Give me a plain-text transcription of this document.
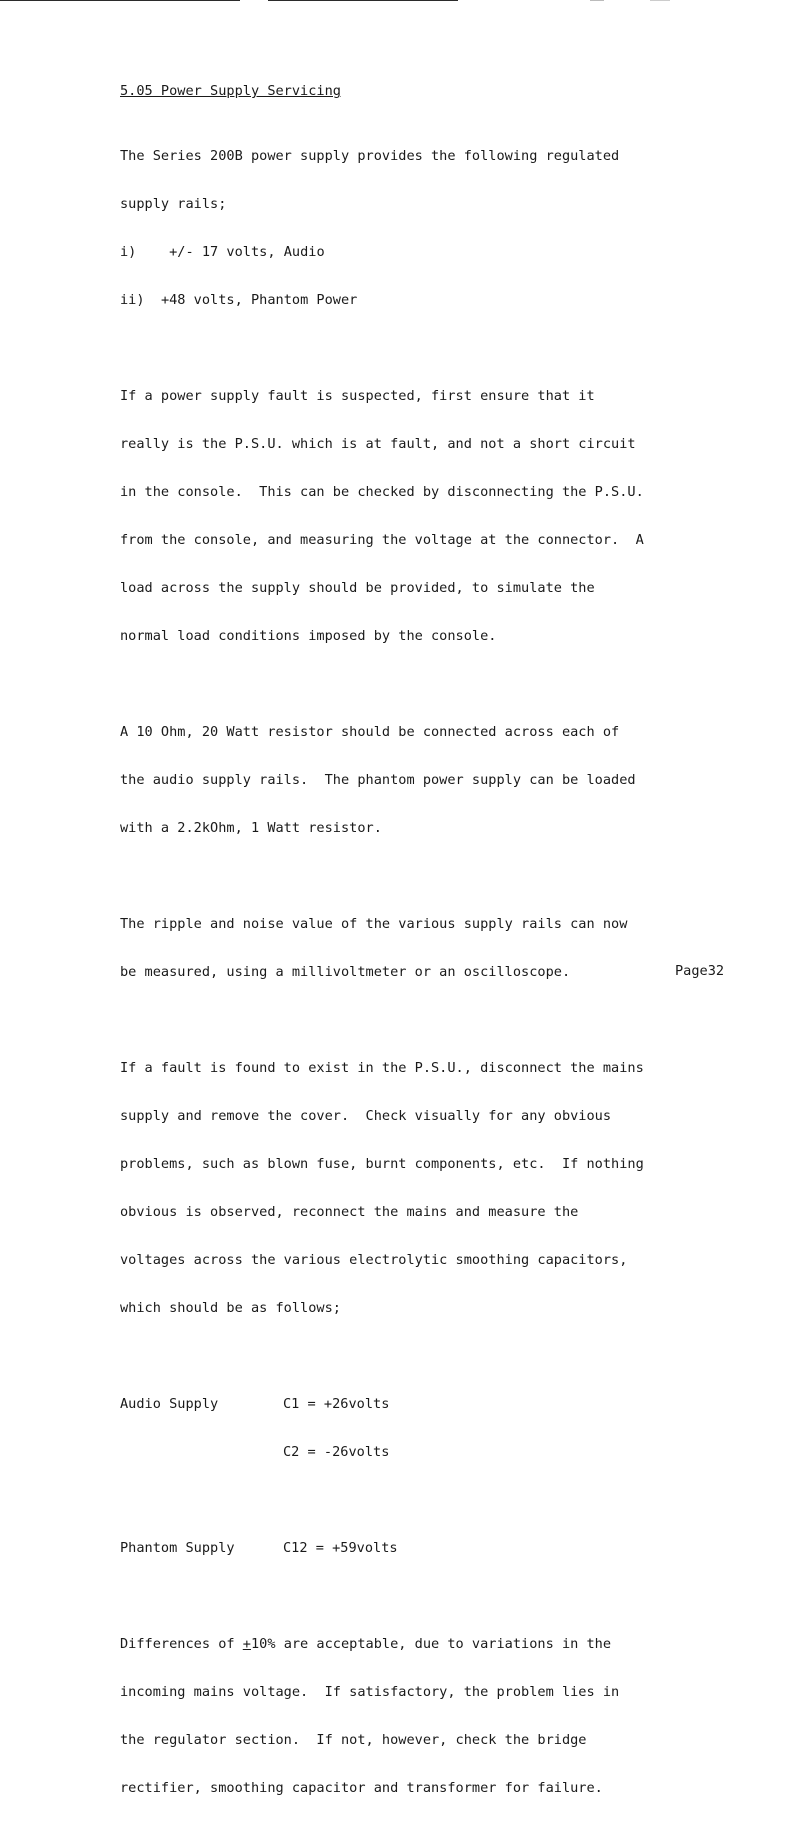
5.05 Power Supply Servicing

The Series 200B power supply provides the following regulated

supply rails;

i) +/- 17 volts, Audio

ii) +48 volts, Phantom Power

If a power supply fault is suspected, first ensure that it

really is the P.S.U. which is at fault, and not a short circuit

in the console.  This can be checked by disconnecting the P.S.U.

from the console, and measuring the voltage at the connector.  A

load across the supply should be provided, to simulate the

normal load conditions imposed by the console.

A 10 Ohm, 20 Watt resistor should be connected across each of

the audio supply rails.  The phantom power supply can be loaded

with a 2.2kOhm, 1 Watt resistor.

The ripple and noise value of the various supply rails can now

be measured, using a millivoltmeter or an oscilloscope.

If a fault is found to exist in the P.S.U., disconnect the mains

supply and remove the cover.  Check visually for any obvious

problems, such as blown fuse, burnt components, etc.  If nothing

obvious is observed, reconnect the mains and measure the

voltages across the various electrolytic smoothing capacitors,

which should be as follows;

Audio Supply	C1 = +26volts

C2 = -26volts

Phantom Supply	C12 = +59volts

Differences of +10% are acceptable, due to variations in the

incoming mains voltage.  If satisfactory, the problem lies in

the regulator section.  If not, however, check the bridge

rectifier, smoothing capacitor and transformer for failure.

Page32
